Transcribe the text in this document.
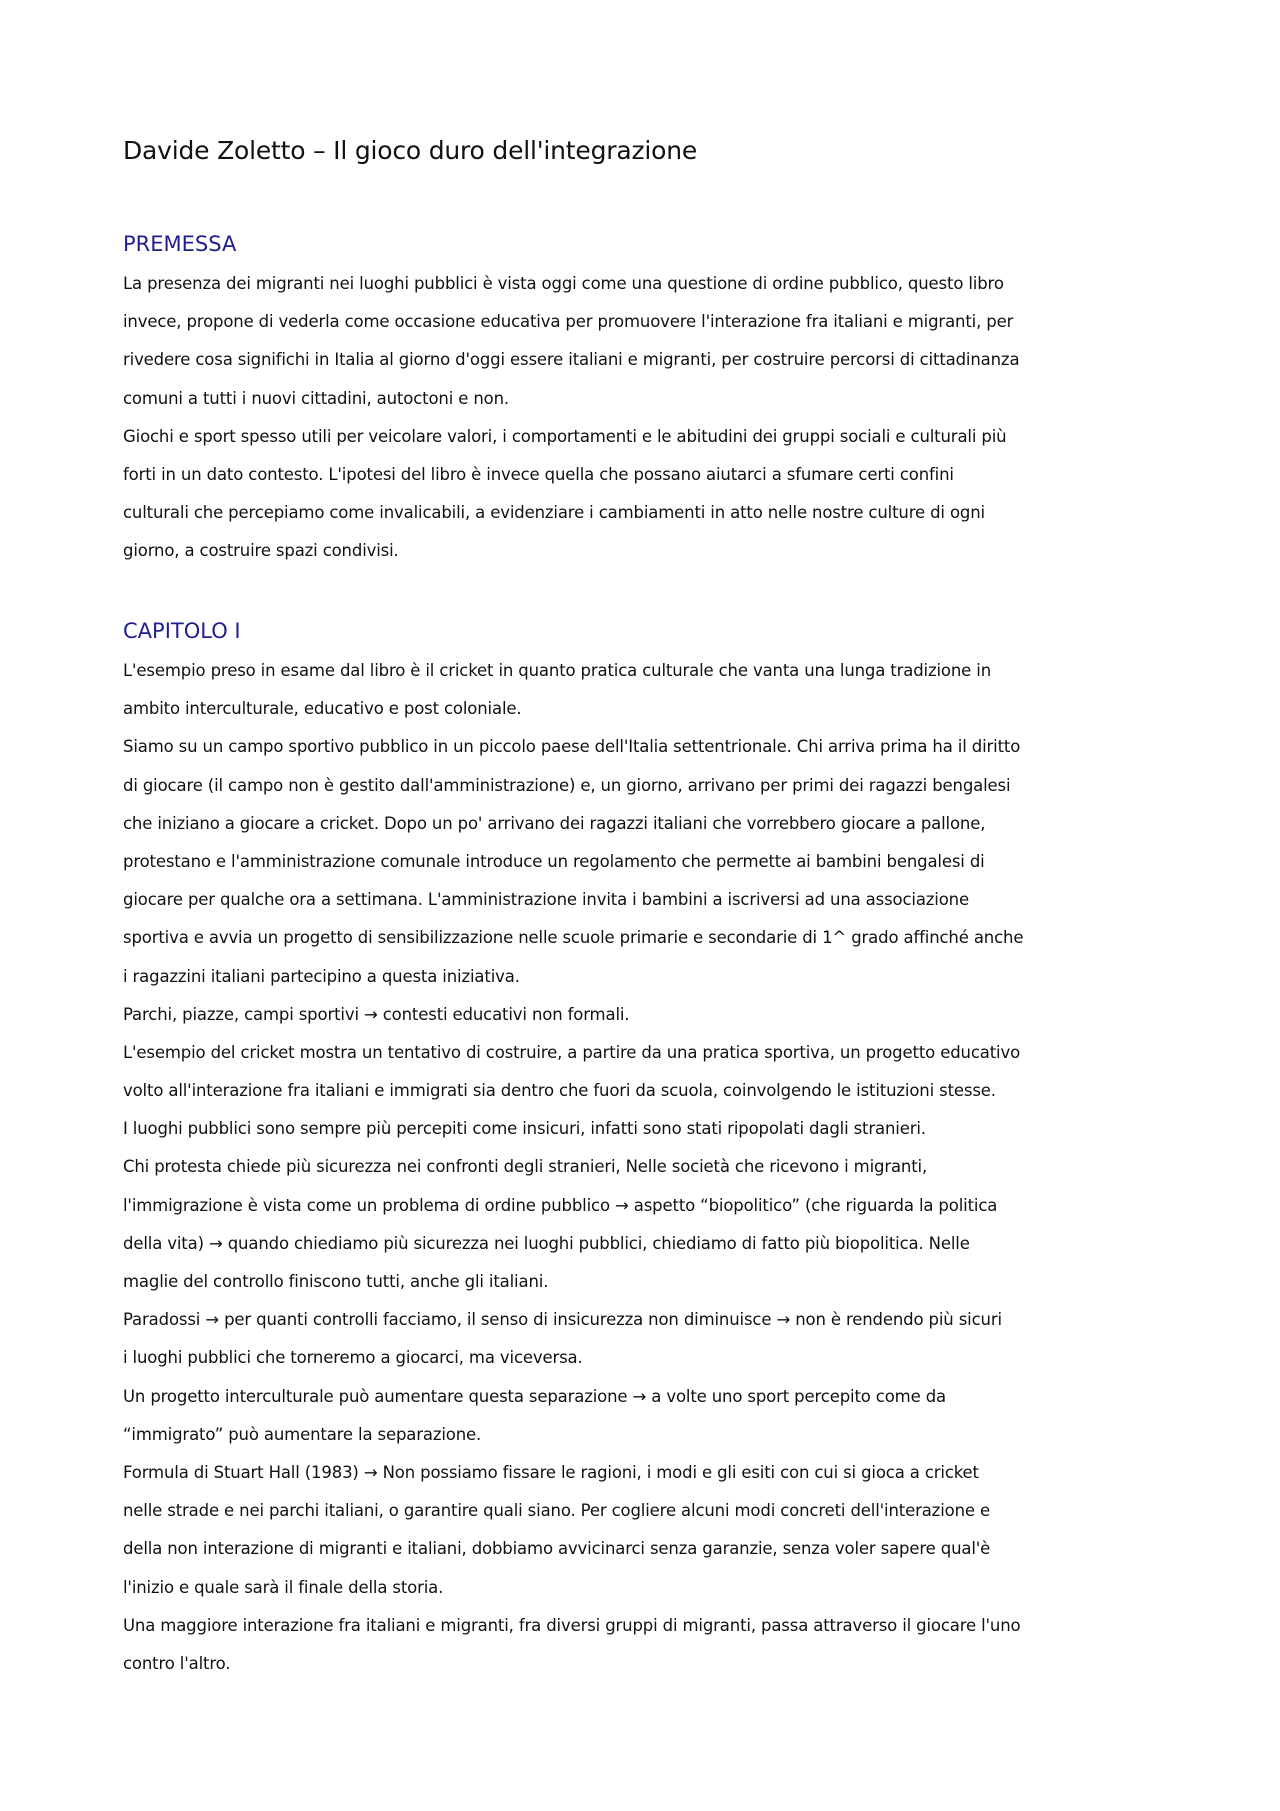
Davide Zoletto – Il gioco duro dell'integrazione
PREMESSA
La presenza dei migranti nei luoghi pubblici è vista oggi come una questione di ordine pubblico, questo libro
invece, propone di vederla come occasione educativa per promuovere l'interazione fra italiani e migranti, per
rivedere cosa significhi in Italia al giorno d'oggi essere italiani e migranti, per costruire percorsi di cittadinanza
comuni a tutti i nuovi cittadini, autoctoni e non.
Giochi e sport spesso utili per veicolare valori, i comportamenti e le abitudini dei gruppi sociali e culturali più
forti in un dato contesto. L'ipotesi del libro è invece quella che possano aiutarci a sfumare certi confini
culturali che percepiamo come invalicabili, a evidenziare i cambiamenti in atto nelle nostre culture di ogni
giorno, a costruire spazi condivisi.
CAPITOLO I
L'esempio preso in esame dal libro è il cricket in quanto pratica culturale che vanta una lunga tradizione in
ambito interculturale, educativo e post coloniale.
Siamo su un campo sportivo pubblico in un piccolo paese dell'Italia settentrionale. Chi arriva prima ha il diritto
di giocare (il campo non è gestito dall'amministrazione) e, un giorno, arrivano per primi dei ragazzi bengalesi
che iniziano a giocare a cricket. Dopo un po' arrivano dei ragazzi italiani che vorrebbero giocare a pallone,
protestano e l'amministrazione comunale introduce un regolamento che permette ai bambini bengalesi di
giocare per qualche ora a settimana. L'amministrazione invita i bambini a iscriversi ad una associazione
sportiva e avvia un progetto di sensibilizzazione nelle scuole primarie e secondarie di 1^ grado affinché anche
i ragazzini italiani partecipino a questa iniziativa.
Parchi, piazze, campi sportivi → contesti educativi non formali.
L'esempio del cricket mostra un tentativo di costruire, a partire da una pratica sportiva, un progetto educativo
volto all'interazione fra italiani e immigrati sia dentro che fuori da scuola, coinvolgendo le istituzioni stesse.
I luoghi pubblici sono sempre più percepiti come insicuri, infatti sono stati ripopolati dagli stranieri.
Chi protesta chiede più sicurezza nei confronti degli stranieri, Nelle società che ricevono i migranti,
l'immigrazione è vista come un problema di ordine pubblico → aspetto “biopolitico” (che riguarda la politica
della vita) → quando chiediamo più sicurezza nei luoghi pubblici, chiediamo di fatto più biopolitica. Nelle
maglie del controllo finiscono tutti, anche gli italiani.
Paradossi → per quanti controlli facciamo, il senso di insicurezza non diminuisce → non è rendendo più sicuri
i luoghi pubblici che torneremo a giocarci, ma viceversa.
Un progetto interculturale può aumentare questa separazione → a volte uno sport percepito come da
“immigrato” può aumentare la separazione.
Formula di Stuart Hall (1983) → Non possiamo fissare le ragioni, i modi e gli esiti con cui si gioca a cricket
nelle strade e nei parchi italiani, o garantire quali siano. Per cogliere alcuni modi concreti dell'interazione e
della non interazione di migranti e italiani, dobbiamo avvicinarci senza garanzie, senza voler sapere qual'è
l'inizio e quale sarà il finale della storia.
Una maggiore interazione fra italiani e migranti, fra diversi gruppi di migranti, passa attraverso il giocare l'uno
contro l'altro.
